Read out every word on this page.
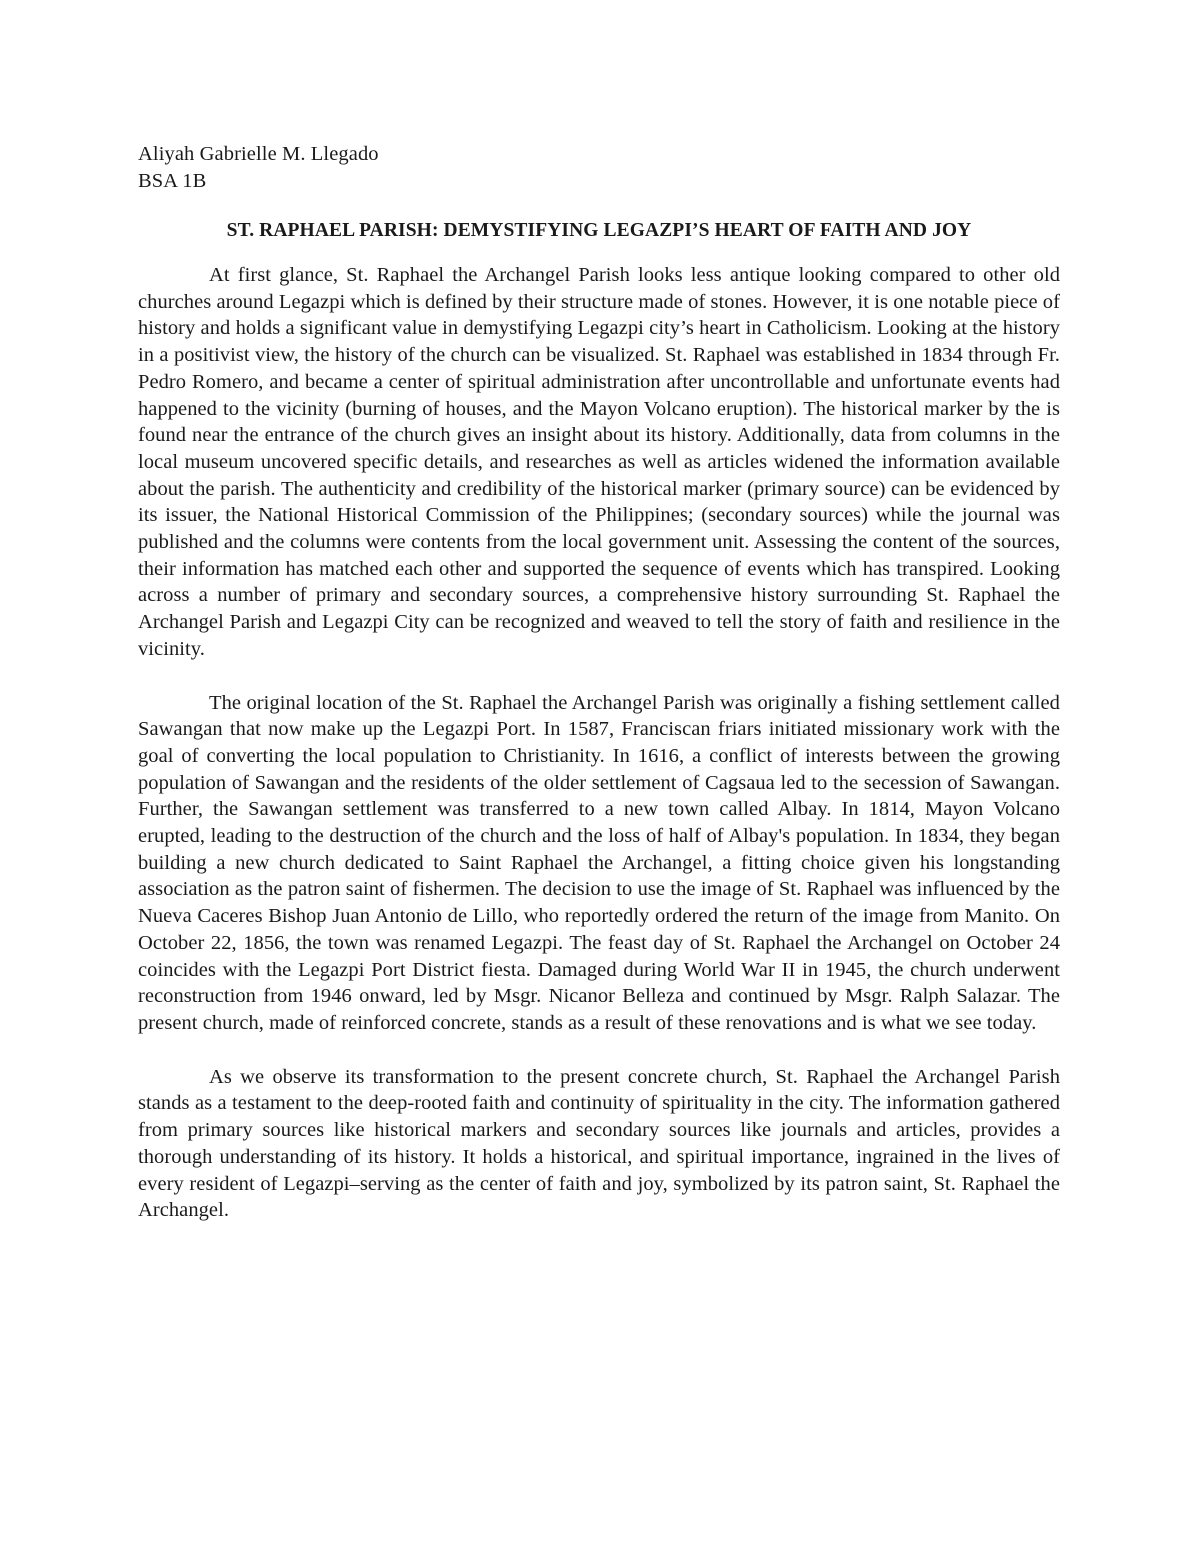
Aliyah Gabrielle M. Llegado

BSA 1B

ST. RAPHAEL PARISH: DEMYSTIFYING LEGAZPI’S HEART OF FAITH AND JOY

At first glance, St. Raphael the Archangel Parish looks less antique looking compared to other old churches around Legazpi which is defined by their structure made of stones. However, it is one notable piece of history and holds a significant value in demystifying Legazpi city’s heart in Catholicism. Looking at the history in a positivist view, the history of the church can be visualized. St. Raphael was established in 1834 through Fr. Pedro Romero, and became a center of spiritual administration after uncontrollable and unfortunate events had happened to the vicinity (burning of houses, and the Mayon Volcano eruption). The historical marker by the is found near the entrance of the church gives an insight about its history. Additionally, data from columns in the local museum uncovered specific details, and researches as well as articles widened the information available about the parish. The authenticity and credibility of the historical marker (primary source) can be evidenced by its issuer, the National Historical Commission of the Philippines; (secondary sources) while the journal was published and the columns were contents from the local government unit. Assessing the content of the sources, their information has matched each other and supported the sequence of events which has transpired. Looking across a number of primary and secondary sources, a comprehensive history surrounding St. Raphael the Archangel Parish and Legazpi City can be recognized and weaved to tell the story of faith and resilience in the vicinity.

The original location of the St. Raphael the Archangel Parish was originally a fishing settlement called Sawangan that now make up the Legazpi Port. In 1587, Franciscan friars initiated missionary work with the goal of converting the local population to Christianity. In 1616, a conflict of interests between the growing population of Sawangan and the residents of the older settlement of Cagsaua led to the secession of Sawangan. Further, the Sawangan settlement was transferred to a new town called Albay. In 1814, Mayon Volcano erupted, leading to the destruction of the church and the loss of half of Albay's population. In 1834, they began building a new church dedicated to Saint Raphael the Archangel, a fitting choice given his longstanding association as the patron saint of fishermen. The decision to use the image of St. Raphael was influenced by the Nueva Caceres Bishop Juan Antonio de Lillo, who reportedly ordered the return of the image from Manito. On October 22, 1856, the town was renamed Legazpi. The feast day of St. Raphael the Archangel on October 24 coincides with the Legazpi Port District fiesta. Damaged during World War II in 1945, the church underwent reconstruction from 1946 onward, led by Msgr. Nicanor Belleza and continued by Msgr. Ralph Salazar. The present church, made of reinforced concrete, stands as a result of these renovations and is what we see today.

As we observe its transformation to the present concrete church, St. Raphael the Archangel Parish stands as a testament to the deep-rooted faith and continuity of spirituality in the city. The information gathered from primary sources like historical markers and secondary sources like journals and articles, provides a thorough understanding of its history. It holds a historical, and spiritual importance, ingrained in the lives of every resident of Legazpi–serving as the center of faith and joy, symbolized by its patron saint, St. Raphael the Archangel.
